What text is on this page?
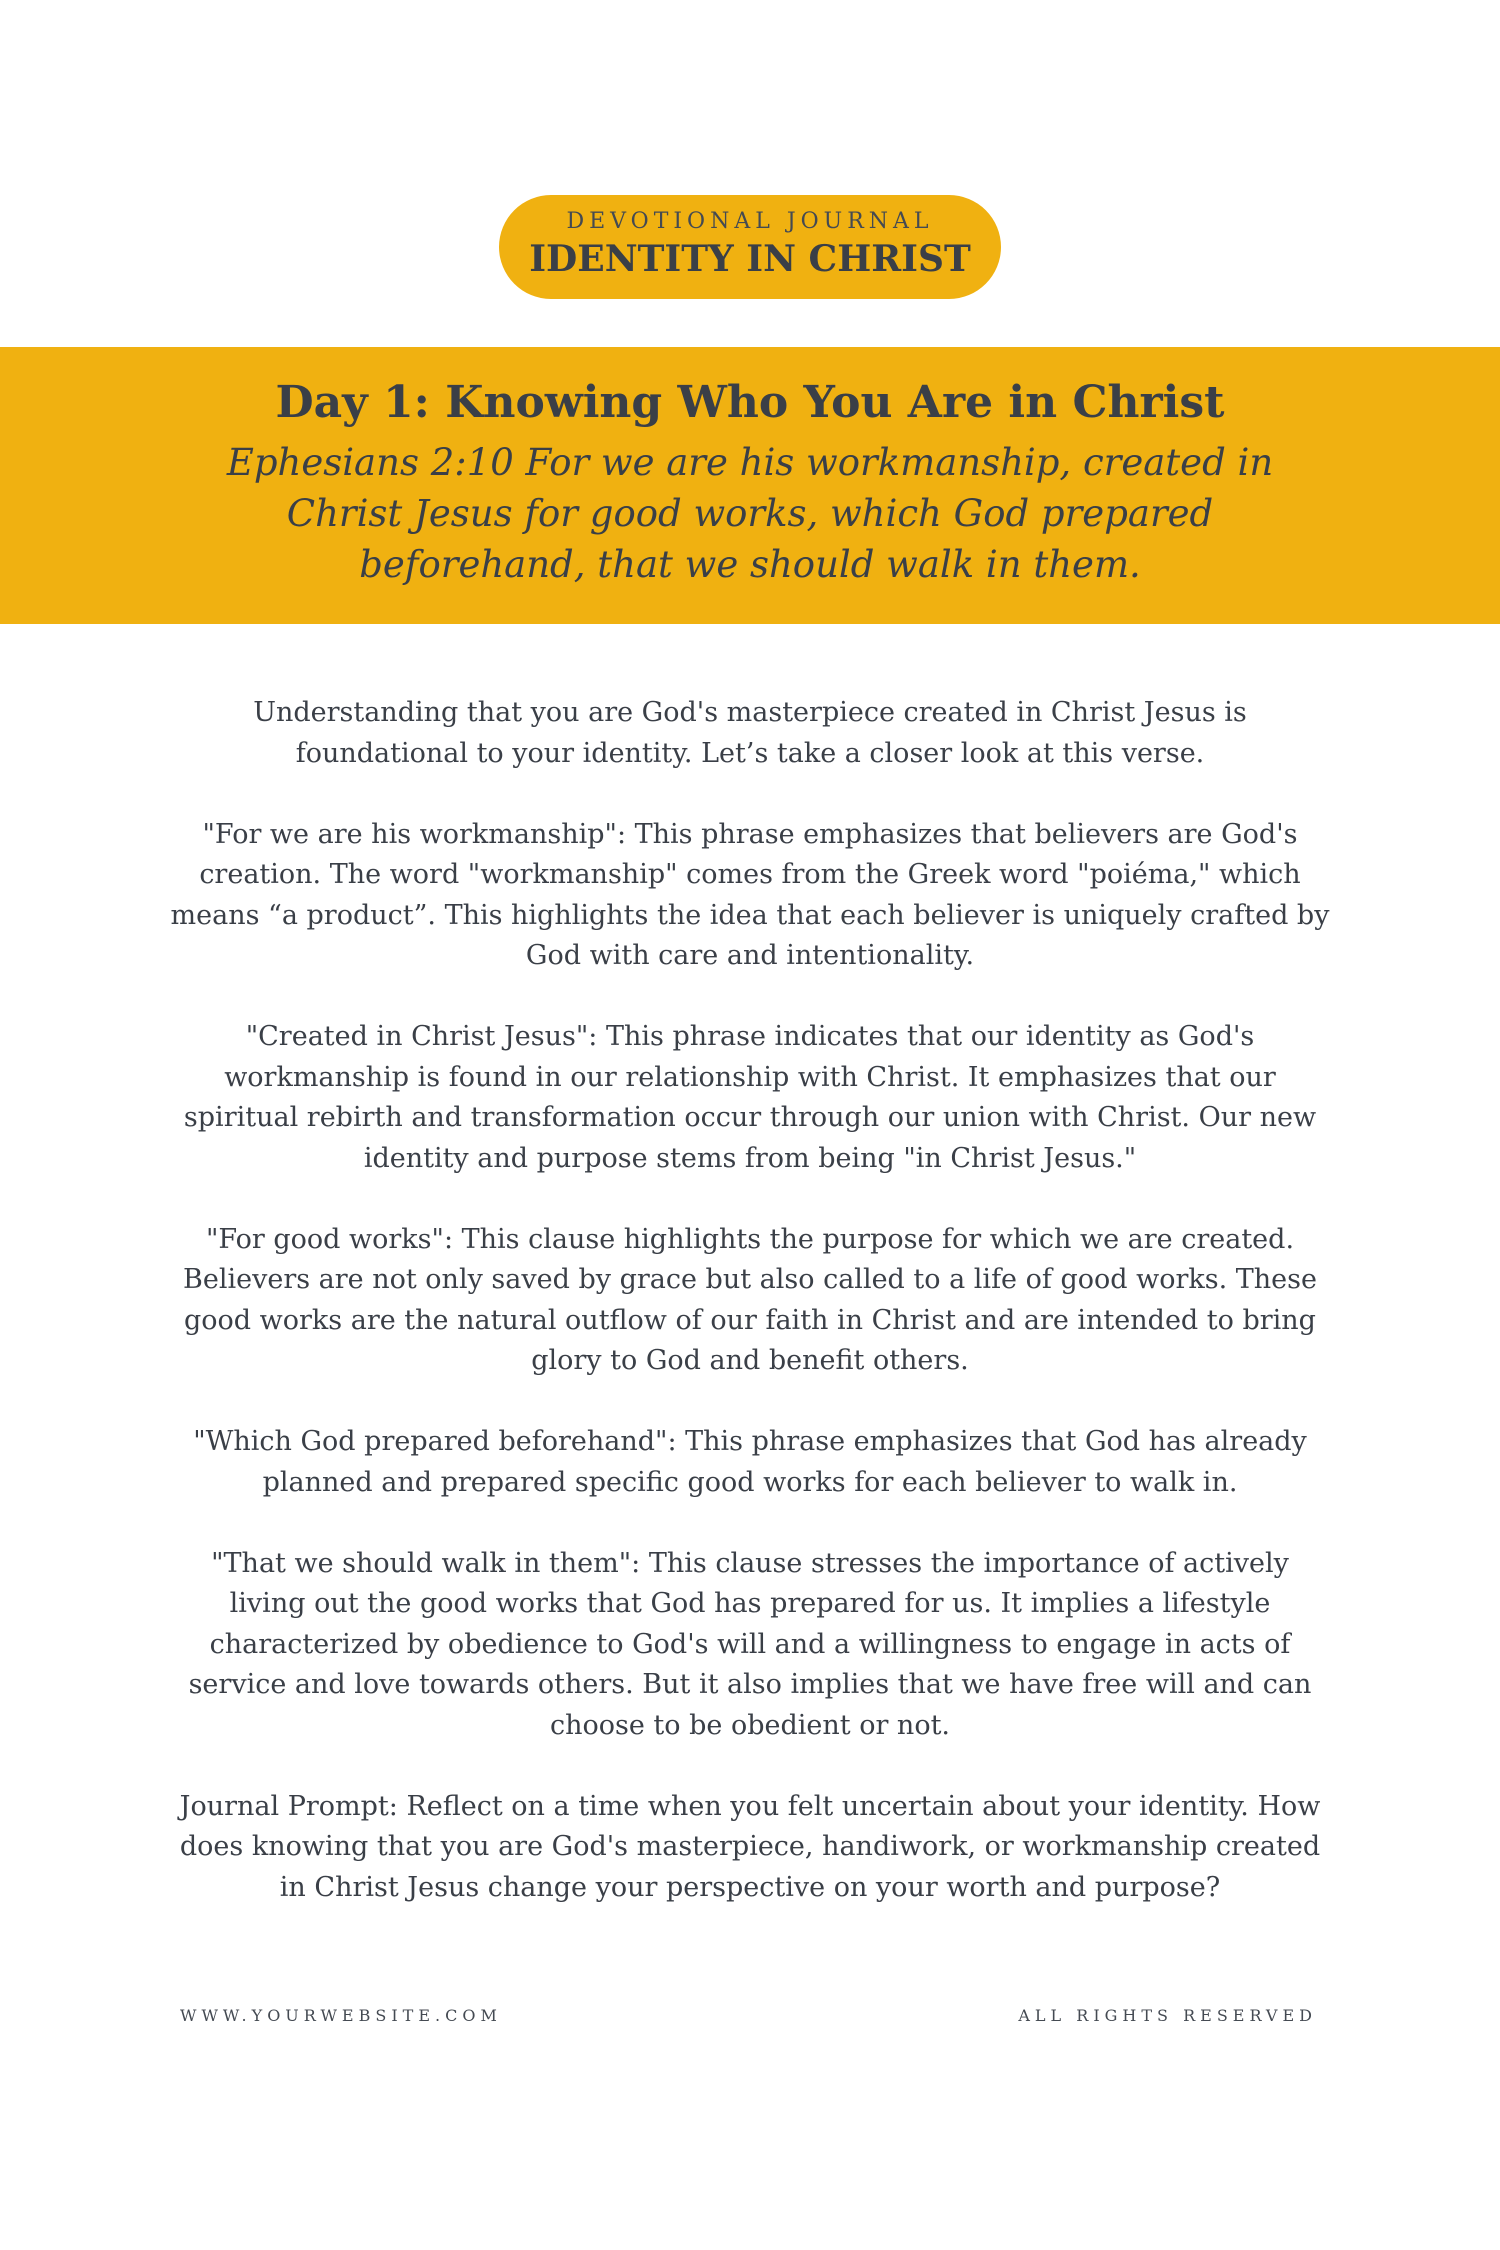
DEVOTIONAL JOURNAL
IDENTITY IN CHRIST
Day 1: Knowing Who You Are in Christ

Ephesians 2:10 For we are his workmanship, created in Christ Jesus for good works, which God prepared beforehand, that we should walk in them.

Understanding that you are God's masterpiece created in Christ Jesus is foundational to your identity. Let’s take a closer look at this verse.

"For we are his workmanship": This phrase emphasizes that believers are God's creation. The word "workmanship" comes from the Greek word "poiéma," which means “a product”. This highlights the idea that each believer is uniquely crafted by God with care and intentionality.

"Created in Christ Jesus": This phrase indicates that our identity as God's workmanship is found in our relationship with Christ. It emphasizes that our spiritual rebirth and transformation occur through our union with Christ. Our new identity and purpose stems from being "in Christ Jesus."

"For good works": This clause highlights the purpose for which we are created. Believers are not only saved by grace but also called to a life of good works. These good works are the natural outflow of our faith in Christ and are intended to bring glory to God and benefit others.

"Which God prepared beforehand": This phrase emphasizes that God has already planned and prepared specific good works for each believer to walk in.

"That we should walk in them": This clause stresses the importance of actively living out the good works that God has prepared for us. It implies a lifestyle characterized by obedience to God's will and a willingness to engage in acts of service and love towards others. But it also implies that we have free will and can choose to be obedient or not.

Journal Prompt: Reflect on a time when you felt uncertain about your identity. How does knowing that you are God's masterpiece, handiwork, or workmanship created in Christ Jesus change your perspective on your worth and purpose?

WWW.YOURWEBSITE.COM	ALL RIGHTS RESERVED
